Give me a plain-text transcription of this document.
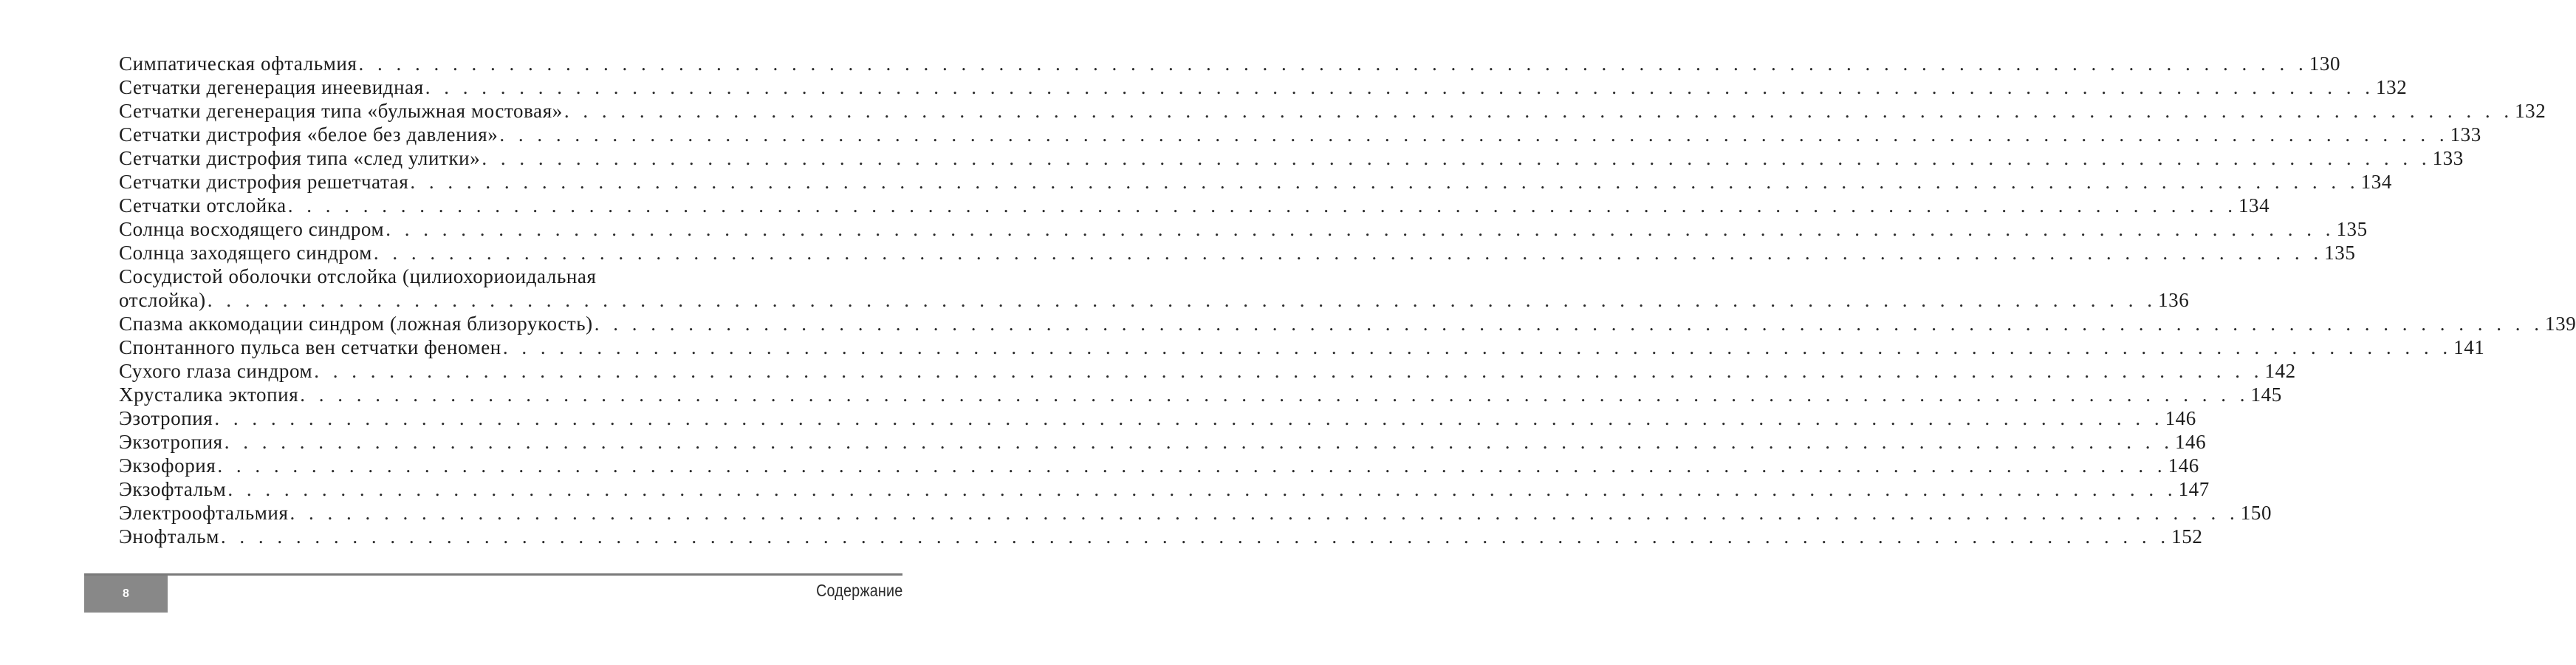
Симпатическая офтальмия . . . . . . . . . . . . . . . . . . . . . . . . . . . . . . . . . . . . . . . . . . . . . . . . . . . . . . . . . . . . . . . . . . . . . . . . . . . . . . . . . . . . . . . . . . . . . . . . . . . . . . . . 130
Сетчатки дегенерация инеевидная . . . . . . . . . . . . . . . . . . . . . . . . . . . . . . . . . . . . . . . . . . . . . . . . . . . . . . . . . . . . . . . . . . . . . . . . . . . . . . . . . . . . . . . . . . . . . . . . . . . . . . . . 132
Сетчатки дегенерация типа «булыжная мостовая» . . . . . . . . . . . . . . . . . . . . . . . . . . . . . . . . . . . . . . . . . . . . . . . . . . . . . . . . . . . . . . . . . . . . . . . . . . . . . . . . . . . . . . . . . . . . . . . . . . . . . . . . 132
Сетчатки дистрофия «белое без давления» . . . . . . . . . . . . . . . . . . . . . . . . . . . . . . . . . . . . . . . . . . . . . . . . . . . . . . . . . . . . . . . . . . . . . . . . . . . . . . . . . . . . . . . . . . . . . . . . . . . . . . . . 133
Сетчатки дистрофия типа «след улитки» . . . . . . . . . . . . . . . . . . . . . . . . . . . . . . . . . . . . . . . . . . . . . . . . . . . . . . . . . . . . . . . . . . . . . . . . . . . . . . . . . . . . . . . . . . . . . . . . . . . . . . . . 133
Сетчатки дистрофия решетчатая . . . . . . . . . . . . . . . . . . . . . . . . . . . . . . . . . . . . . . . . . . . . . . . . . . . . . . . . . . . . . . . . . . . . . . . . . . . . . . . . . . . . . . . . . . . . . . . . . . . . . . . . 134
Сетчатки отслойка . . . . . . . . . . . . . . . . . . . . . . . . . . . . . . . . . . . . . . . . . . . . . . . . . . . . . . . . . . . . . . . . . . . . . . . . . . . . . . . . . . . . . . . . . . . . . . . . . . . . . . . . 134
Солнца восходящего синдром . . . . . . . . . . . . . . . . . . . . . . . . . . . . . . . . . . . . . . . . . . . . . . . . . . . . . . . . . . . . . . . . . . . . . . . . . . . . . . . . . . . . . . . . . . . . . . . . . . . . . . . . 135
Солнца заходящего синдром . . . . . . . . . . . . . . . . . . . . . . . . . . . . . . . . . . . . . . . . . . . . . . . . . . . . . . . . . . . . . . . . . . . . . . . . . . . . . . . . . . . . . . . . . . . . . . . . . . . . . . . . 135
Сосудистой оболочки отслойка (цилиохориоидальная
отслойка) . . . . . . . . . . . . . . . . . . . . . . . . . . . . . . . . . . . . . . . . . . . . . . . . . . . . . . . . . . . . . . . . . . . . . . . . . . . . . . . . . . . . . . . . . . . . . . . . . . . . . . . . 136
Спазма аккомодации синдром (ложная близорукость) . . . . . . . . . . . . . . . . . . . . . . . . . . . . . . . . . . . . . . . . . . . . . . . . . . . . . . . . . . . . . . . . . . . . . . . . . . . . . . . . . . . . . . . . . . . . . . . . . . . . . . . . 139
Спонтанного пульса вен сетчатки феномен . . . . . . . . . . . . . . . . . . . . . . . . . . . . . . . . . . . . . . . . . . . . . . . . . . . . . . . . . . . . . . . . . . . . . . . . . . . . . . . . . . . . . . . . . . . . . . . . . . . . . . . . 141
Сухого глаза синдром . . . . . . . . . . . . . . . . . . . . . . . . . . . . . . . . . . . . . . . . . . . . . . . . . . . . . . . . . . . . . . . . . . . . . . . . . . . . . . . . . . . . . . . . . . . . . . . . . . . . . . . . 142
Хрусталика эктопия . . . . . . . . . . . . . . . . . . . . . . . . . . . . . . . . . . . . . . . . . . . . . . . . . . . . . . . . . . . . . . . . . . . . . . . . . . . . . . . . . . . . . . . . . . . . . . . . . . . . . . . . 145
Эзотропия . . . . . . . . . . . . . . . . . . . . . . . . . . . . . . . . . . . . . . . . . . . . . . . . . . . . . . . . . . . . . . . . . . . . . . . . . . . . . . . . . . . . . . . . . . . . . . . . . . . . . . . . 146
Экзотропия . . . . . . . . . . . . . . . . . . . . . . . . . . . . . . . . . . . . . . . . . . . . . . . . . . . . . . . . . . . . . . . . . . . . . . . . . . . . . . . . . . . . . . . . . . . . . . . . . . . . . . . . 146
Экзофория . . . . . . . . . . . . . . . . . . . . . . . . . . . . . . . . . . . . . . . . . . . . . . . . . . . . . . . . . . . . . . . . . . . . . . . . . . . . . . . . . . . . . . . . . . . . . . . . . . . . . . . . 146
Экзофтальм . . . . . . . . . . . . . . . . . . . . . . . . . . . . . . . . . . . . . . . . . . . . . . . . . . . . . . . . . . . . . . . . . . . . . . . . . . . . . . . . . . . . . . . . . . . . . . . . . . . . . . . . 147
Электроофтальмия . . . . . . . . . . . . . . . . . . . . . . . . . . . . . . . . . . . . . . . . . . . . . . . . . . . . . . . . . . . . . . . . . . . . . . . . . . . . . . . . . . . . . . . . . . . . . . . . . . . . . . . . 150
Энофтальм . . . . . . . . . . . . . . . . . . . . . . . . . . . . . . . . . . . . . . . . . . . . . . . . . . . . . . . . . . . . . . . . . . . . . . . . . . . . . . . . . . . . . . . . . . . . . . . . . . . . . . . . 152
8	Содержание
